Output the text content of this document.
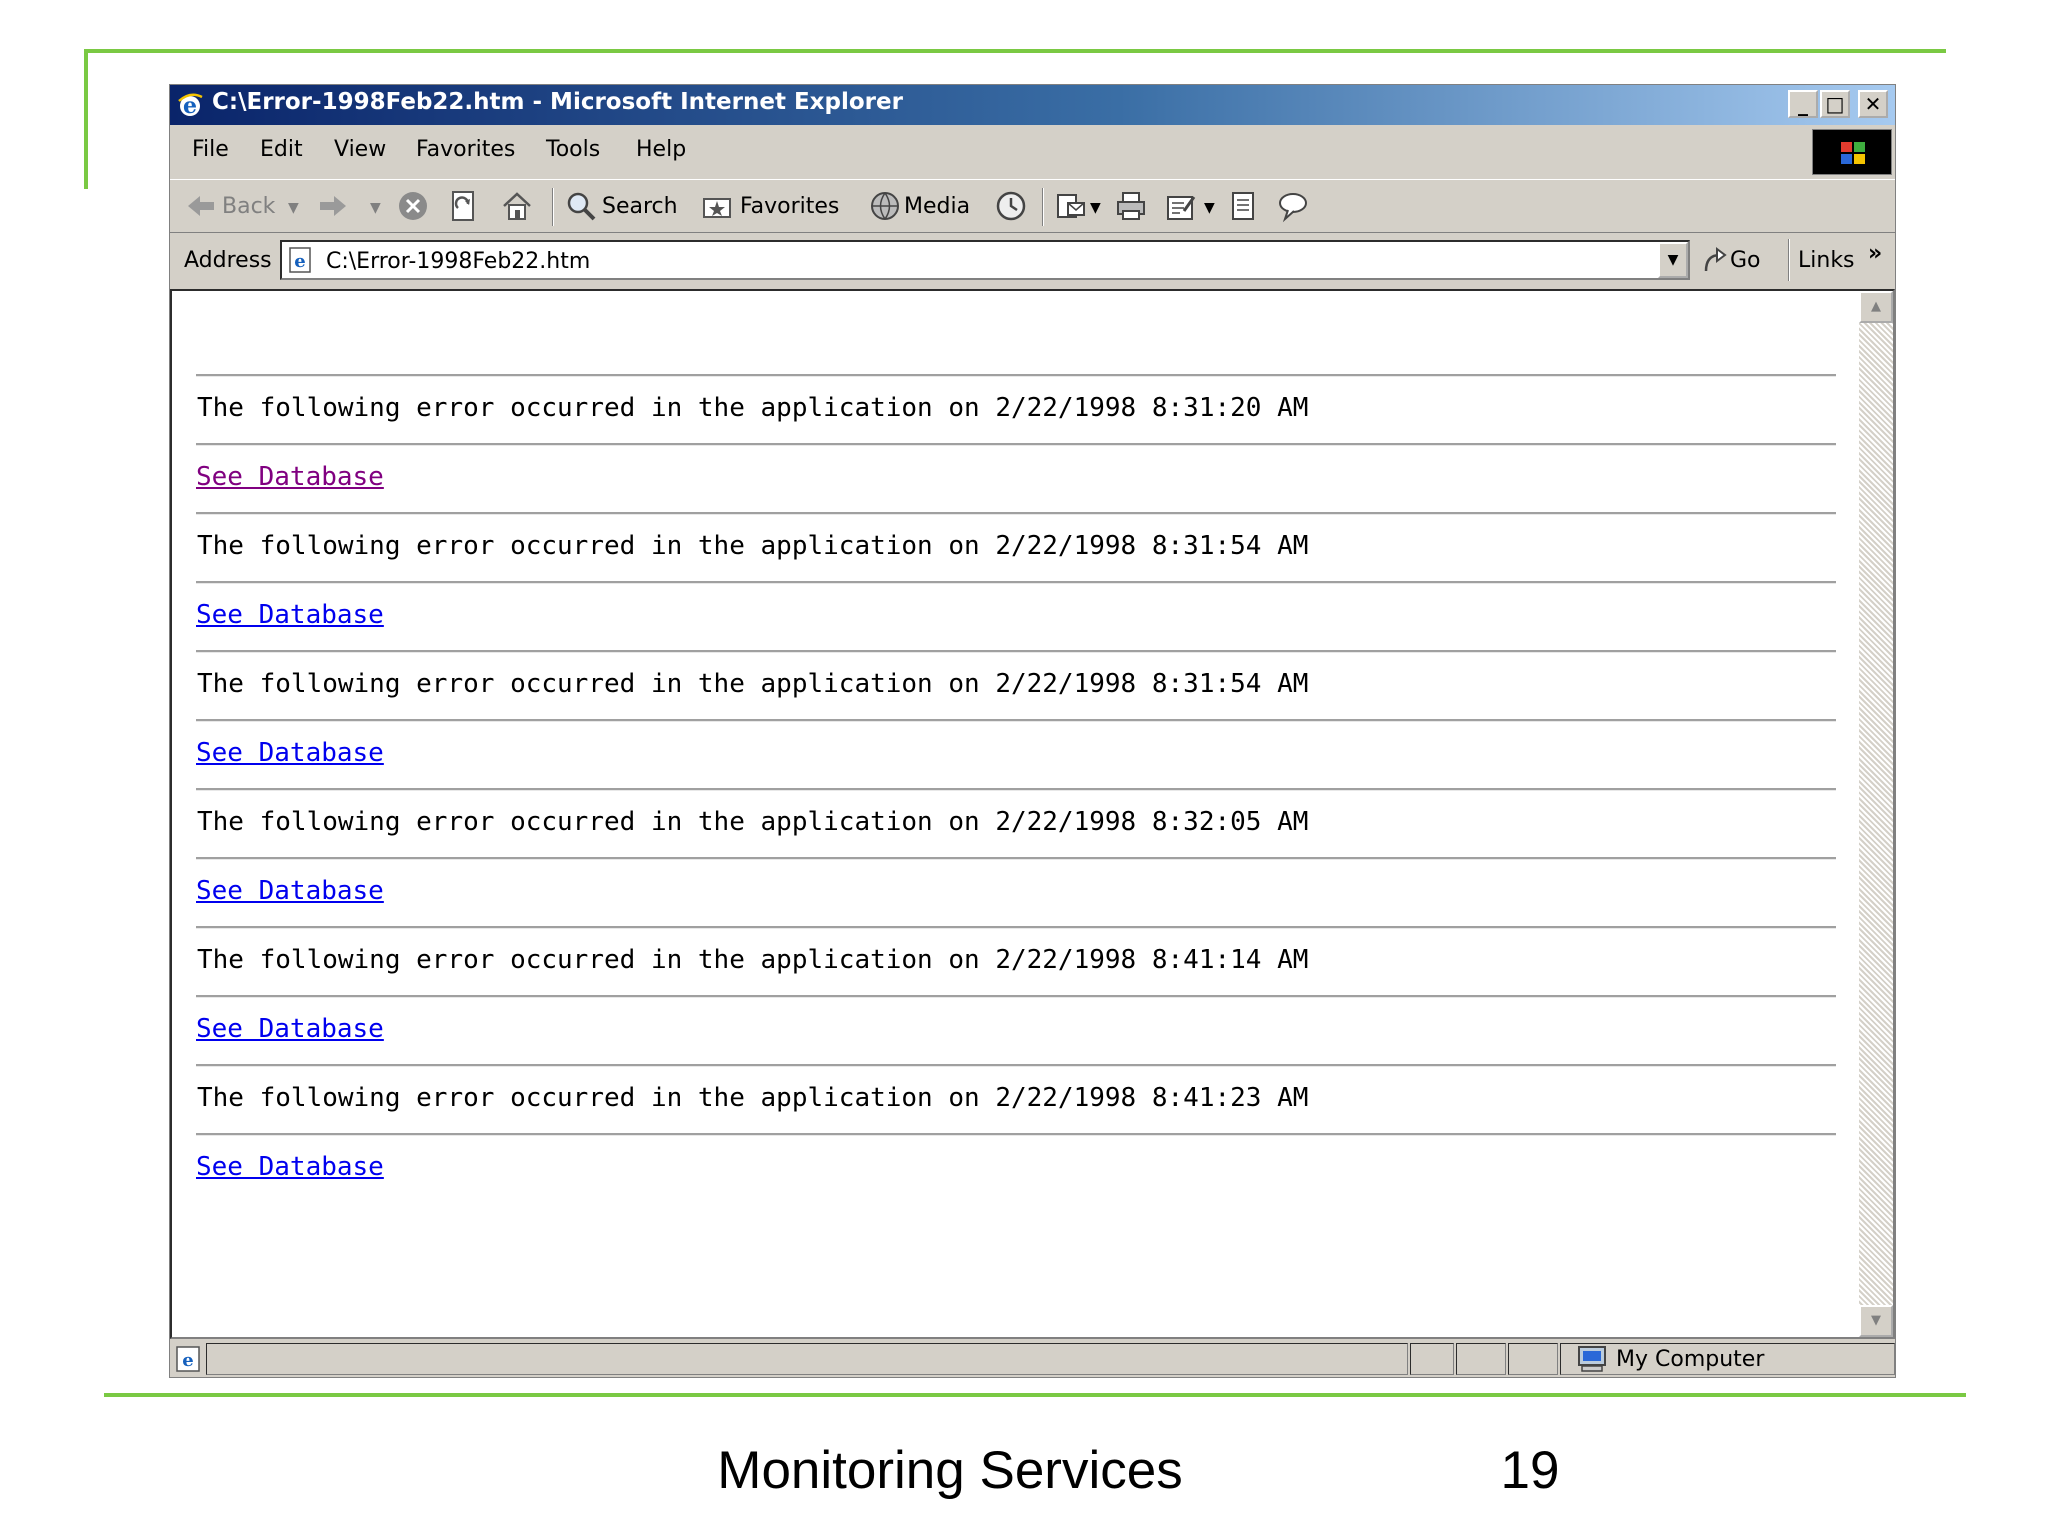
e C:\Error-1998Feb22.htm - Microsoft Internet Explorer	_ □	✕
File Edit View Favorites Tools Help
Back ▼	▼	Search	Favorites	Media	▼	▼
Address e C:\Error-1998Feb22.htm	▼	Go Links »
The following error occurred in the application on 2/22/1998 8:31:20 AM
See Database
The following error occurred in the application on 2/22/1998 8:31:54 AM
See Database
The following error occurred in the application on 2/22/1998 8:31:54 AM
See Database
The following error occurred in the application on 2/22/1998 8:32:05 AM
See Database
The following error occurred in the application on 2/22/1998 8:41:14 AM
See Database
The following error occurred in the application on 2/22/1998 8:41:23 AM
See Database
▲
▼
e	My Computer
Monitoring Services	19
